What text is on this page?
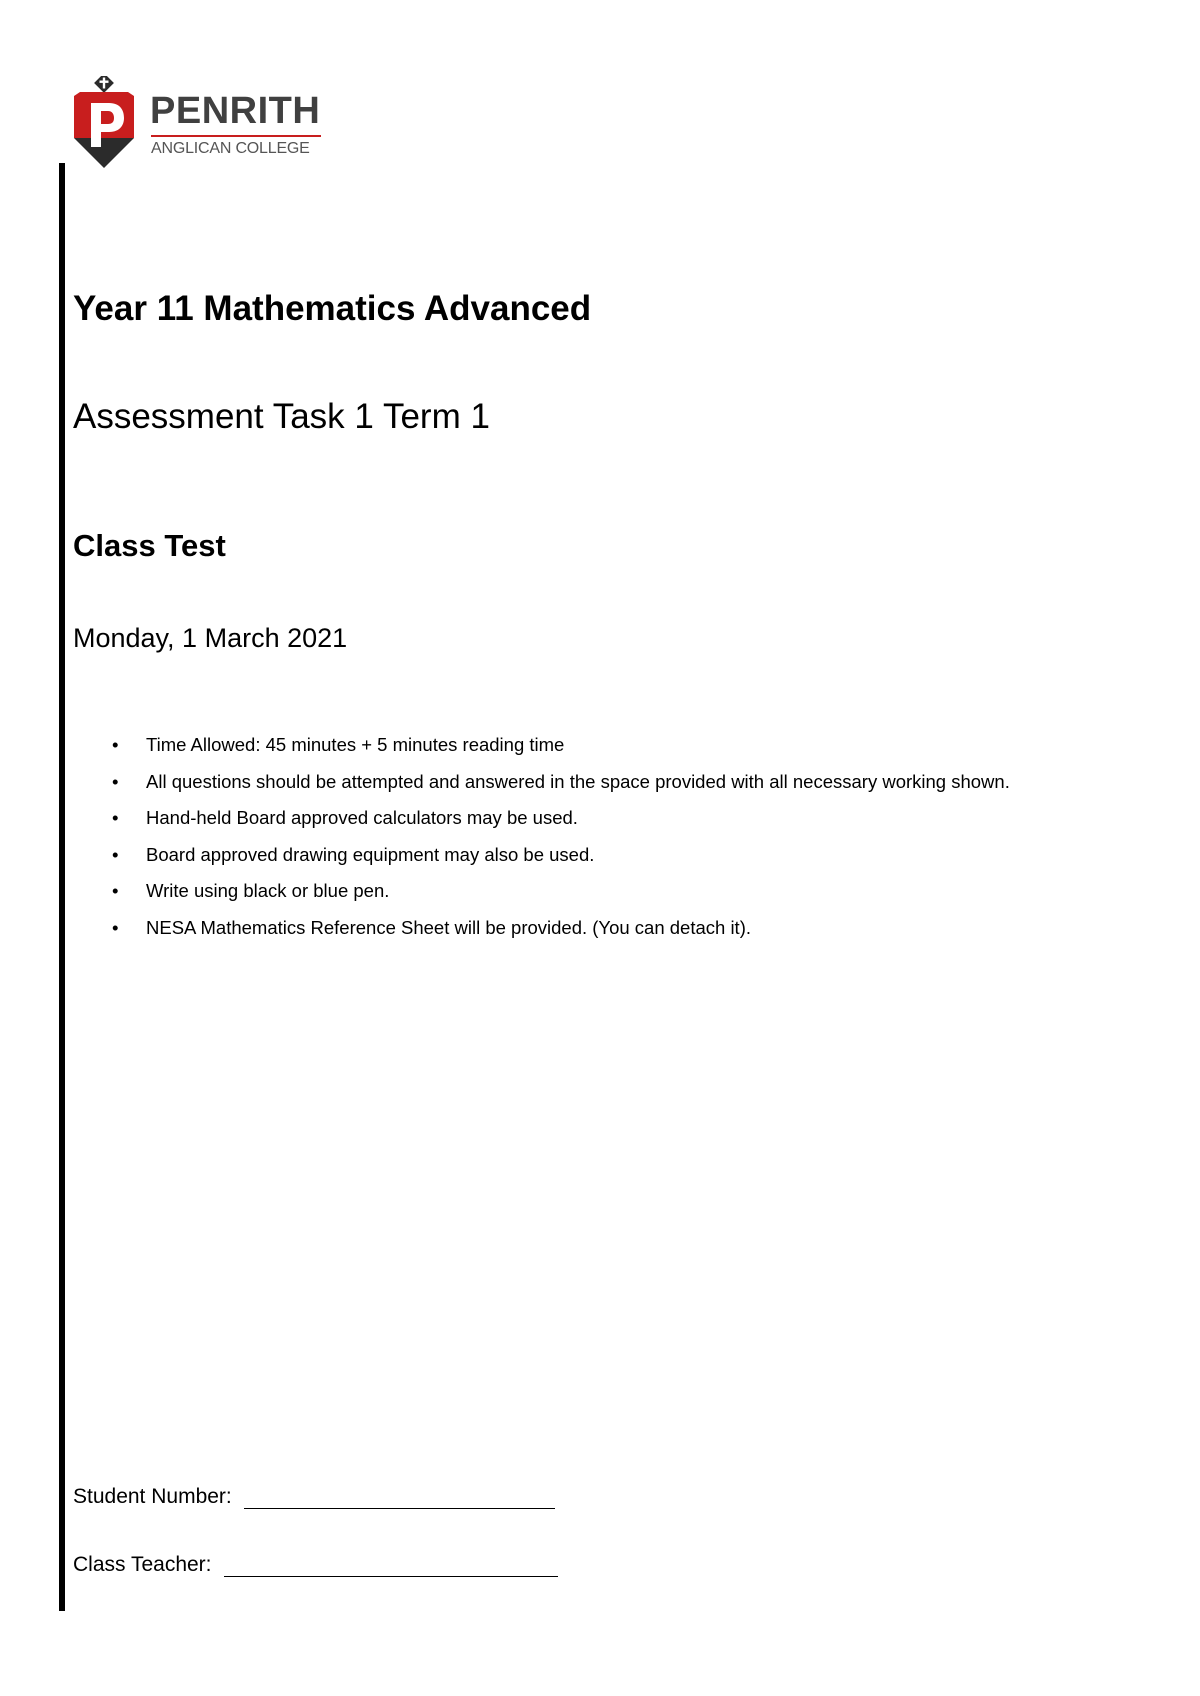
PENRITH
ANGLICAN COLLEGE
Year 11 Mathematics Advanced
Assessment Task 1 Term 1
Class Test
Monday, 1 March 2021
• Time Allowed: 45 minutes + 5 minutes reading time
• All questions should be attempted and answered in the space provided with all necessary working shown.
• Hand-held Board approved calculators may be used.
• Board approved drawing equipment may also be used.
• Write using black or blue pen.
• NESA Mathematics Reference Sheet will be provided. (You can detach it).
Student Number:
Class Teacher:
